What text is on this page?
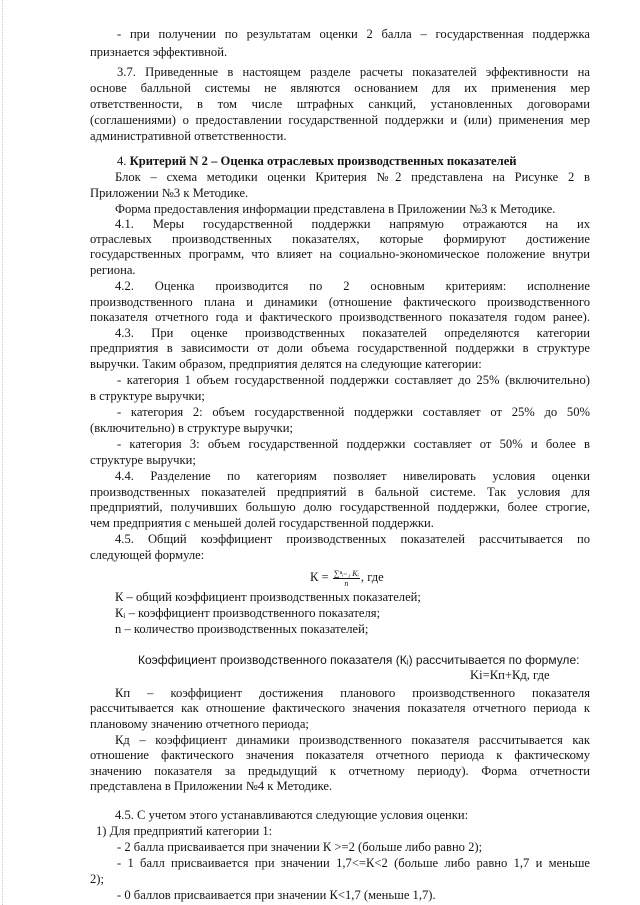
- при получении по результатам оценки 2 балла – государственная поддержка
признается эффективной.
3.7. Приведенные в настоящем разделе расчеты показателей эффективности на
основе балльной системы не являются основанием для их применения мер
ответственности, в том числе штрафных санкций, установленных договорами
(соглашениями) о предоставлении государственной поддержки и (или) применения мер
административной ответственности.
4. Критерий N 2 – Оценка отраслевых производственных показателей
Блок – схема методики оценки Критерия №2 представлена на Рисунке 2 в
Приложении №3 к Методике.
Форма предоставления информации представлена в Приложении №3 к Методике.
4.1. Меры государственной поддержки напрямую отражаются на их
отраслевых производственных показателях, которые формируют достижение
государственных программ, что влияет на социально-экономическое положение внутри
региона.
4.2. Оценка производится по 2 основным критериям: исполнение
производственного плана и динамики (отношение фактического производственного
показателя отчетного года и фактического производственного показателя годом ранее).
4.3. При оценке производственных показателей определяются категории
предприятия в зависимости от доли объема государственной поддержки в структуре
выручки. Таким образом, предприятия делятся на следующие категории:
- категория 1 объем государственной поддержки составляет до 25% (включительно)
в структуре выручки;
- категория 2: объем государственной поддержки составляет от 25% до 50%
(включительно) в структуре выручки;
- категория 3: объем государственной поддержки составляет от 50% и более в
структуре выручки;
4.4. Разделение по категориям позволяет нивелировать условия оценки
производственных показателей предприятий в бальной системе. Так условия для
предприятий, получивших большую долю государственной поддержки, более строгие,
чем предприятия с меньшей долей государственной поддержки.
4.5. Общий коэффициент производственных показателей рассчитывается по
следующей формуле:
$К = \frac{\text{∑ⁿᵢ₌₁ Кᵢ}}{n}$ , где
К – общий коэффициент производственных показателей;
Кᵢ – коэффициент производственного показателя;
n – количество производственных показателей;
Коэффициент производственного показателя (Кᵢ) рассчитывается по формуле:
Ki=Кп+Кд, где
Кп – коэффициент достижения планового производственного показателя
рассчитывается как отношение фактического значения показателя отчетного периода к
плановому значению отчетного периода;
Кд – коэффициент динамики производственного показателя рассчитывается как
отношение фактического значения показателя отчетного периода к фактическому
значению показателя за предыдущий к отчетному периоду). Форма отчетности
представлена в Приложении №4 к Методике.
4.5. С учетом этого устанавливаются следующие условия оценки:
1) Для предприятий категории 1:
- 2 балла присваивается при значении К >=2 (больше либо равно 2);
- 1 балл присваивается при значении 1,7<=К<2 (больше либо равно 1,7 и меньше
2);
- 0 баллов присваивается при значении К<1,7 (меньше 1,7).
